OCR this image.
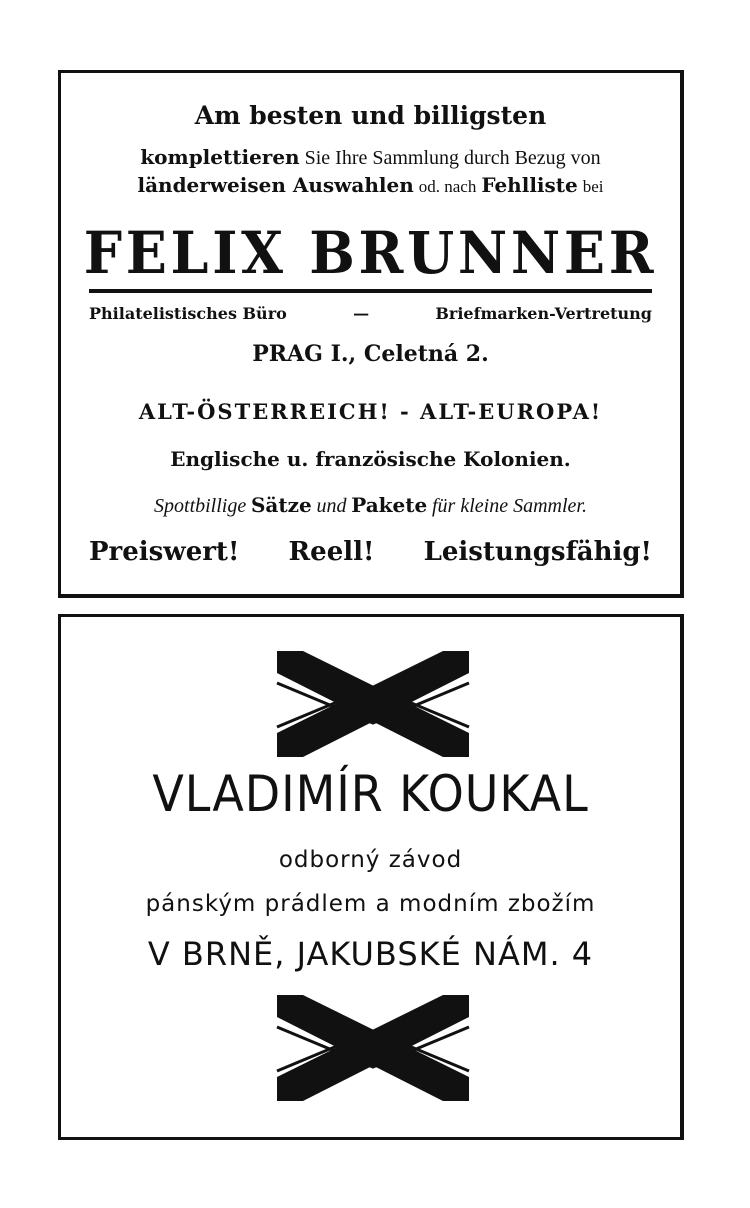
Am besten und billigsten
komplettieren Sie Ihre Sammlung durch Bezug von
länderweisen Auswahlen od. nach Fehlliste bei
FELIX BRUNNER
Philatelistisches Büro	—	Briefmarken-Vertretung
PRAG I., Celetná 2.
ALT-ÖSTERREICH! - ALT-EUROPA!
Englische u. französische Kolonien.
Spottbillige Sätze und Pakete für kleine Sammler.
Preiswert! Reell! Leistungsfähig!
VLADIMÍR KOUKAL
odborný závod
pánským prádlem a modním zbožím
V BRNĚ, JAKUBSKÉ NÁM. 4
